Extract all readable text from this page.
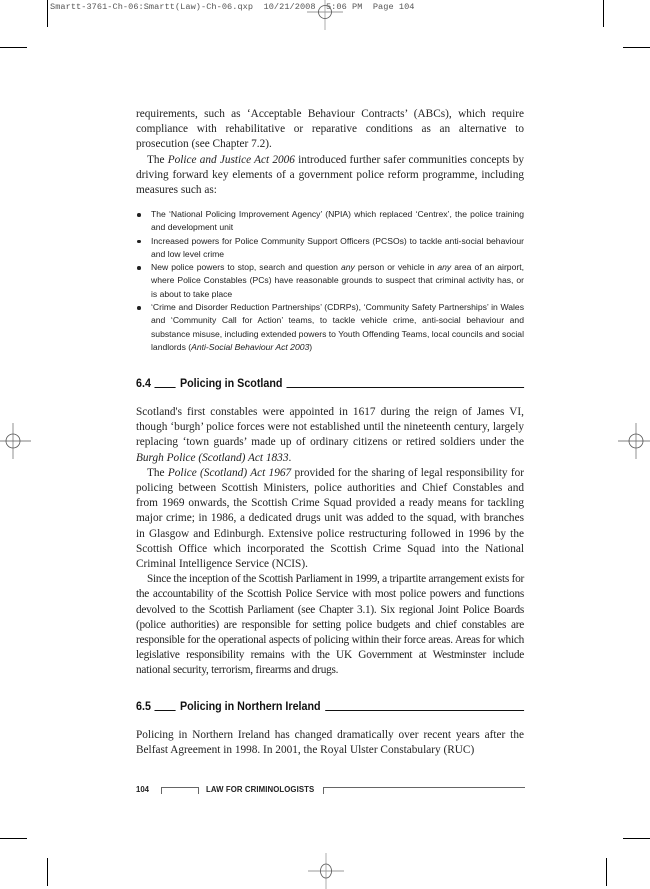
Smartt-3761-Ch-06:Smartt(Law)-Ch-06.qxp  10/21/2008  5:06 PM  Page 104

requirements, such as ‘Acceptable Behaviour Contracts’ (ABCs), which require compliance with rehabilitative or reparative conditions as an alternative to prosecution (see Chapter 7.2).

The Police and Justice Act 2006 introduced further safer communities concepts by driving forward key elements of a government police reform programme, including measures such as:

The ‘National Policing Improvement Agency’ (NPIA) which replaced ‘Centrex’, the police training and development unit
Increased powers for Police Community Support Officers (PCSOs) to tackle anti-social behaviour and low level crime
New police powers to stop, search and question any person or vehicle in any area of an airport, where Police Constables (PCs) have reasonable grounds to suspect that criminal activity has, or is about to take place
‘Crime and Disorder Reduction Partnerships’ (CDRPs), ‘Community Safety Partnerships’ in Wales and ‘Community Call for Action’ teams, to tackle vehicle crime, anti-social behaviour and substance misuse, including extended powers to Youth Offending Teams, local councils and social landlords (Anti-Social Behaviour Act 2003)
6.4 Policing in Scotland

Scotland's first constables were appointed in 1617 during the reign of James VI, though ‘burgh’ police forces were not established until the nineteenth century, largely replacing ‘town guards’ made up of ordinary citizens or retired soldiers under the Burgh Police (Scotland) Act 1833.

The Police (Scotland) Act 1967 provided for the sharing of legal responsibility for policing between Scottish Ministers, police authorities and Chief Constables and from 1969 onwards, the Scottish Crime Squad provided a ready means for tackling major crime; in 1986, a dedicated drugs unit was added to the squad, with branches in Glasgow and Edinburgh. Extensive police restructuring followed in 1996 by the Scottish Office which incorporated the Scottish Crime Squad into the National Criminal Intelligence Service (NCIS).

Since the inception of the Scottish Parliament in 1999, a tripartite arrangement exists for the accountability of the Scottish Police Service with most police powers and functions devolved to the Scottish Parliament (see Chapter 3.1). Six regional Joint Police Boards (police authorities) are responsible for setting police budgets and chief constables are responsible for the operational aspects of policing within their force areas. Areas for which legislative responsibility remains with the UK Government at Westminster include national security, terrorism, firearms and drugs.

6.5 Policing in Northern Ireland

Policing in Northern Ireland has changed dramatically over recent years after the Belfast Agreement in 1998. In 2001, the Royal Ulster Constabulary (RUC)

104	LAW FOR CRIMINOLOGISTS
